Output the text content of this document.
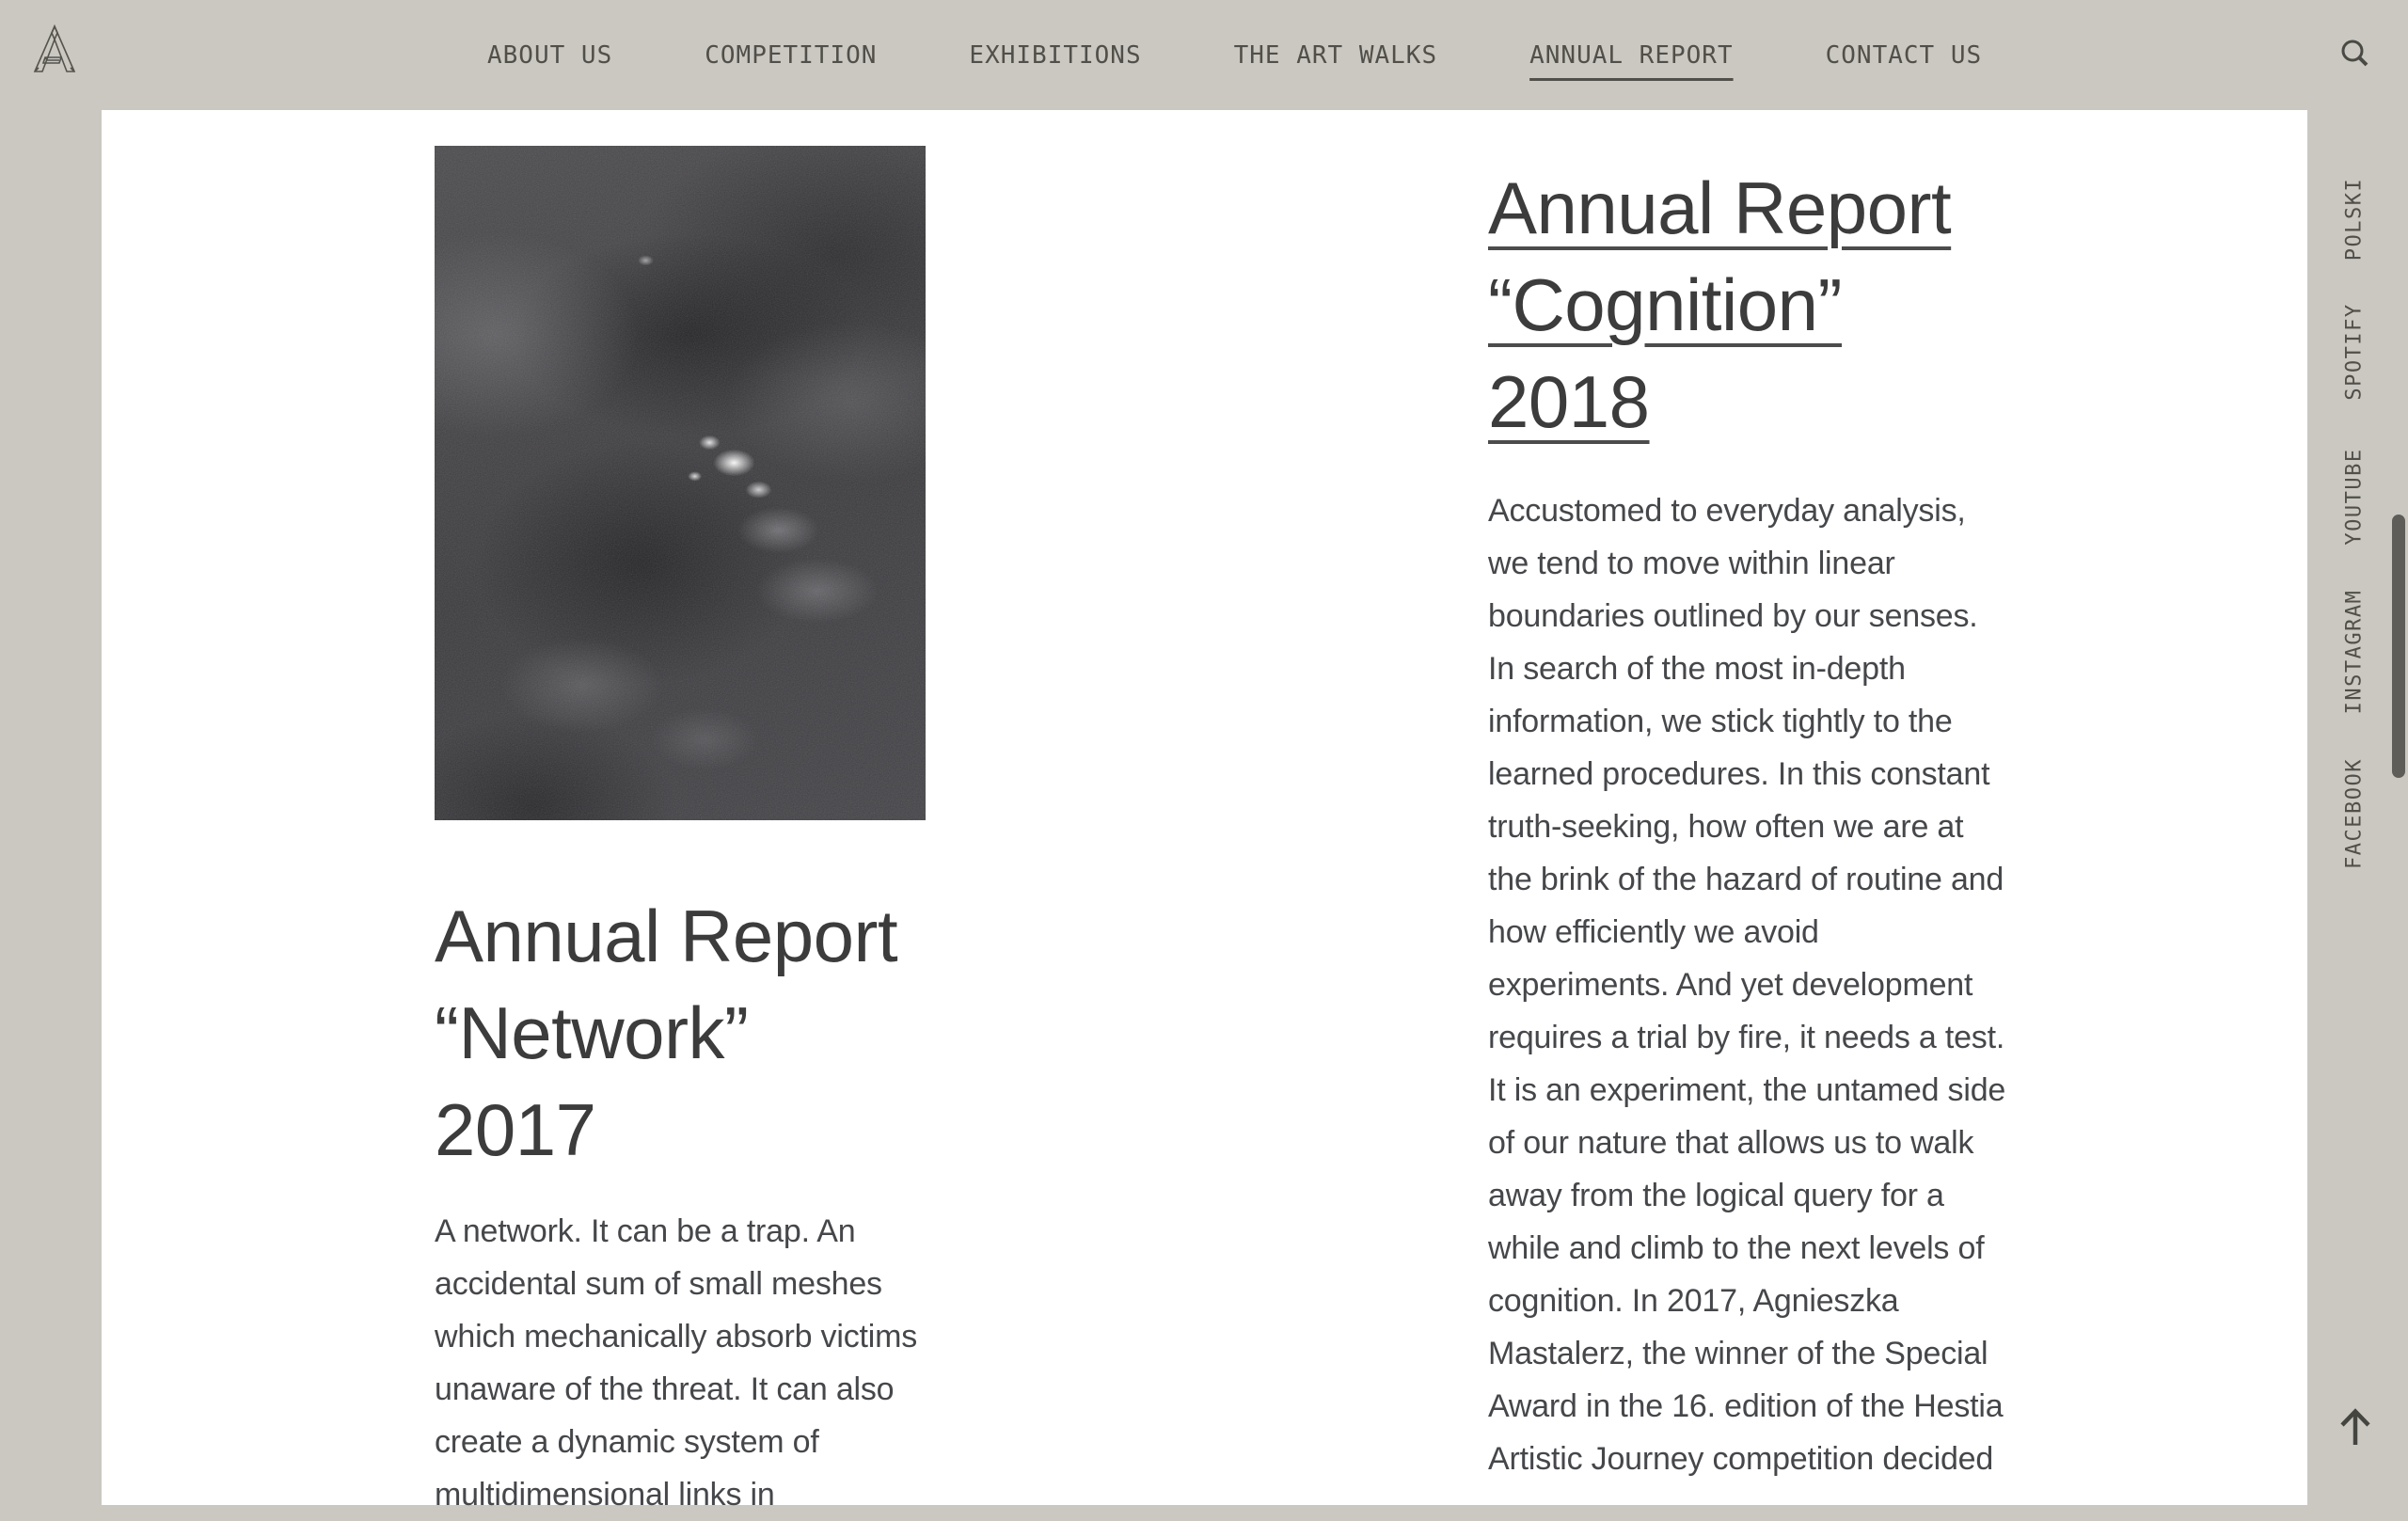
ABOUT US	COMPETITION	EXHIBITIONS	THE ART WALKS	ANNUAL REPORT	CONTACT US
Annual Report
“Network”
2017

A network. It can be a trap. An accidental sum of small meshes which mechanically absorb victims unaware of the threat. It can also create a dynamic system of multidimensional links in

Annual Report
“Cognition”
2018

Accustomed to everyday analysis, we tend to move within linear boundaries outlined by our senses. In search of the most in-depth information, we stick tightly to the learned procedures. In this constant truth-seeking, how often we are at the brink of the hazard of routine and how efficiently we avoid experiments. And yet development requires a trial by fire, it needs a test. It is an experiment, the untamed side of our nature that allows us to walk away from the logical query for a while and climb to the next levels of cognition. In 2017, Agnieszka Mastalerz, the winner of the Special Award in the 16. edition of the Hestia Artistic Journey competition decided

POLSKI
SPOTIFY
YOUTUBE
INSTAGRAM
FACEBOOK
